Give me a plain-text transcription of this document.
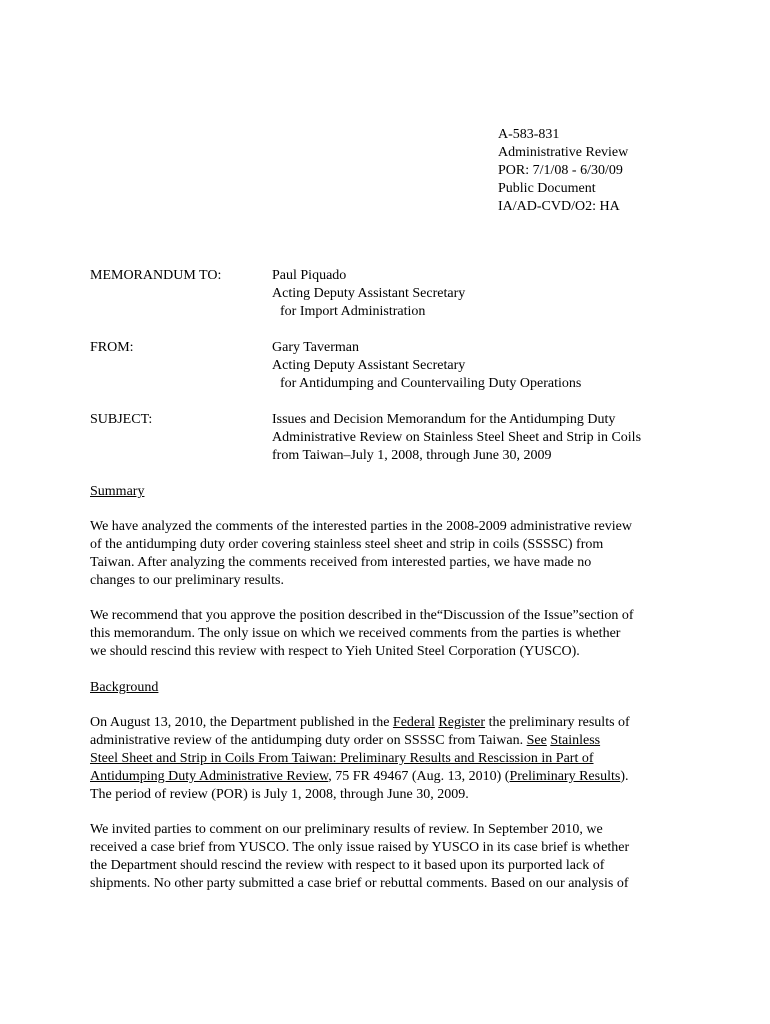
A-583-831
Administrative Review
POR: 7/1/08 - 6/30/09
Public Document
IA/AD-CVD/O2: HA
MEMORANDUM TO:	Paul Piquado
Acting Deputy Assistant Secretary
for Import Administration
FROM:	Gary Taverman
Acting Deputy Assistant Secretary
for Antidumping and Countervailing Duty Operations
SUBJECT:	Issues and Decision Memorandum for the Antidumping Duty
Administrative Review on Stainless Steel Sheet and Strip in Coils
from Taiwan–July 1, 2008, through June 30, 2009
Summary
We have analyzed the comments of the interested parties in the 2008-2009 administrative review
of the antidumping duty order covering stainless steel sheet and strip in coils (SSSSC) from
Taiwan. After analyzing the comments received from interested parties, we have made no
changes to our preliminary results.
We recommend that you approve the position described in the“Discussion of the Issue”section of
this memorandum. The only issue on which we received comments from the parties is whether
we should rescind this review with respect to Yieh United Steel Corporation (YUSCO).
Background
On August 13, 2010, the Department published in the Federal Register the preliminary results of
administrative review of the antidumping duty order on SSSSC from Taiwan. See Stainless
Steel Sheet and Strip in Coils From Taiwan: Preliminary Results and Rescission in Part of
Antidumping Duty Administrative Review, 75 FR 49467 (Aug. 13, 2010) (Preliminary Results).
The period of review (POR) is July 1, 2008, through June 30, 2009.
We invited parties to comment on our preliminary results of review. In September 2010, we
received a case brief from YUSCO. The only issue raised by YUSCO in its case brief is whether
the Department should rescind the review with respect to it based upon its purported lack of
shipments. No other party submitted a case brief or rebuttal comments. Based on our analysis of
